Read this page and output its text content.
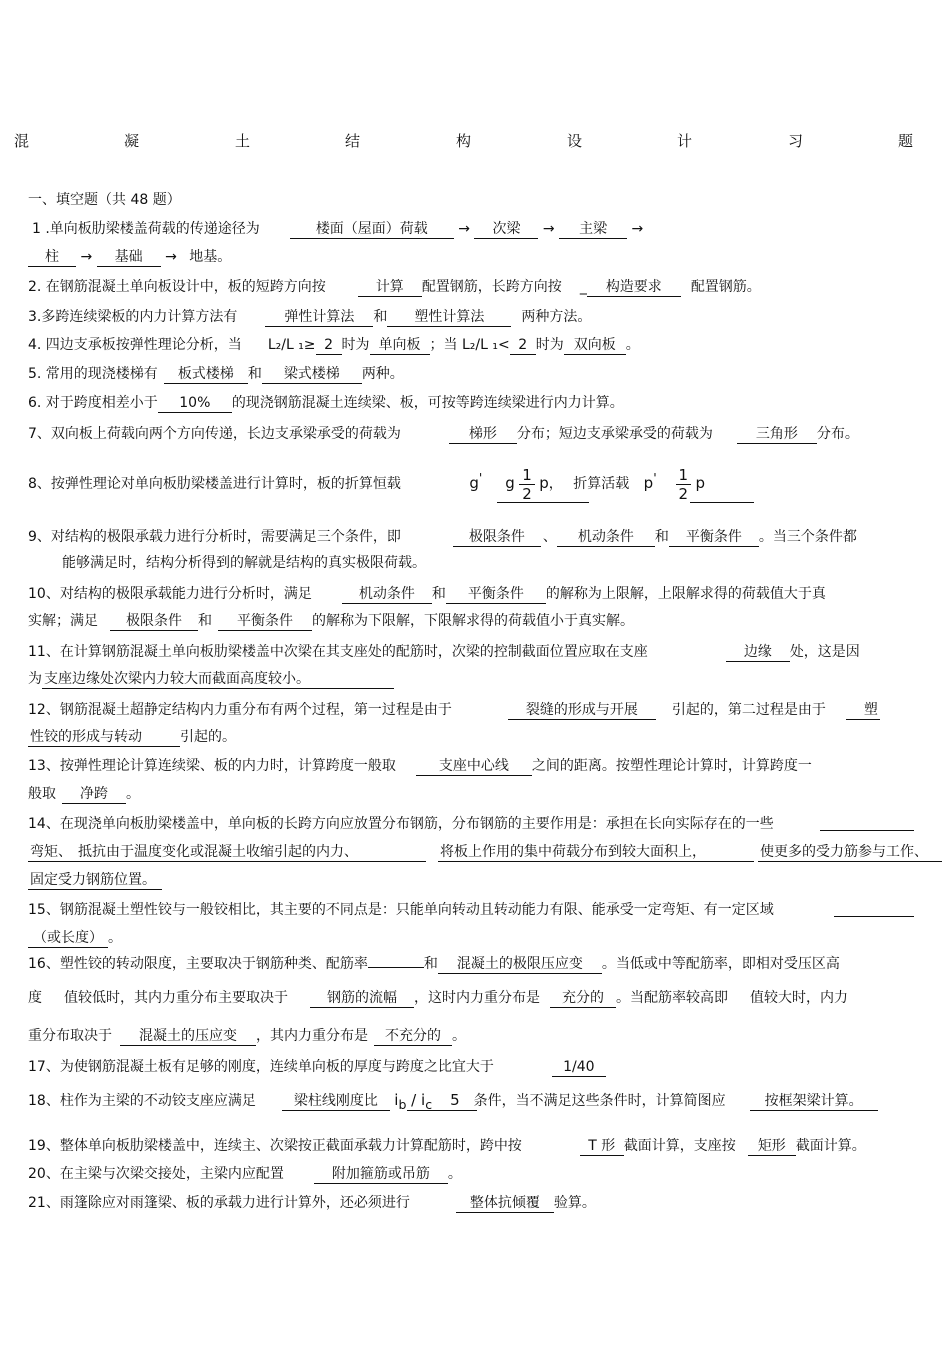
混	凝	土	结	构	设	计	习	题
一、填空题（共 48 题）
1 .单向板肋梁楼盖荷载的传递途径为	楼面（屋面）荷载 → 次梁 → 主梁 →
柱 → 基础 → 地基。
2. 在钢筋混凝土单向板设计中，板的短跨方向按	计算 配置钢筋，长跨方向按 _ 构造要求 配置钢筋。
3.多跨连续梁板的内力计算方法有	弹性计算法 和 塑性计算法	两种方法。
4. 四边支承板按弹性理论分析，当 L₂/L ₁≥ 2 时为 单向板 ；当 L₂/L ₁< 2 时为 双向板 。
5. 常用的现浇楼梯有 板式楼梯 和 梁式楼梯 两种。
6. 对于跨度相差小于 10% 的现浇钢筋混凝土连续梁、板，可按等跨连续梁进行内力计算。
7、双向板上荷载向两个方向传递，长边支承梁承受的荷载为	梯形 分布；短边支承梁承受的荷载为	三角形 分布。
8、按弹性理论对单向板肋梁楼盖进行计算时，板的折算恒载	g' g $\frac{1}{2}$ p， 折算活载 $p' \frac{1}{2}$ p
9、对结构的极限承载力进行分析时，需要满足三个条件，即	极限条件 、 机动条件 和 平衡条件 。当三个条件都
能够满足时，结构分析得到的解就是结构的真实极限荷载。
10、对结构的极限承载能力进行分析时，满足	机动条件 和 平衡条件 的解称为上限解，上限解求得的荷载值大于真
实解；满足 极限条件 和 平衡条件 的解称为下限解，下限解求得的荷载值小于真实解。
11、在计算钢筋混凝土单向板肋梁楼盖中次梁在其支座处的配筋时，次梁的控制截面位置应取在支座	边缘 处，这是因
为 支座边缘处次梁内力较大而截面高度较小。
12、钢筋混凝土超静定结构内力重分布有两个过程，第一过程是由于	裂缝的形成与开展 引起的，第二过程是由于	塑
性铰的形成与转动	引起的。
13、按弹性理论计算连续梁、板的内力时，计算跨度一般取	支座中心线 之间的距离。按塑性理论计算时，计算跨度一
般取 净跨 。
14、在现浇单向板肋梁楼盖中，单向板的长跨方向应放置分布钢筋，分布钢筋的主要作用是：承担在长向实际存在的一些
弯矩、 抵抗由于温度变化或混凝土收缩引起的内力、	将板上作用的集中荷载分布到较大面积上，	使更多的受力筋参与工作、
固定受力钢筋位置。
15、钢筋混凝土塑性铰与一般铰相比，其主要的不同点是：只能单向转动且转动能力有限、能承受一定弯矩、有一定区域
（或长度） 。
16、塑性铰的转动限度，主要取决于钢筋种类、配筋率	和 混凝土的极限压应变 。当低或中等配筋率，即相对受压区高
度 值较低时，其内力重分布主要取决于	钢筋的流幅 ，这时内力重分布是 充分的 。当配筋率较高即 值较大时，内力
重分布取决于 混凝土的压应变 ，其内力重分布是 不充分的 。
17、为使钢筋混凝土板有足够的刚度，连续单向板的厚度与跨度之比宜大于	1/40
18、柱作为主梁的不动铰支座应满足	梁柱线刚度比 $i_b / i_c$ 5 条件，当不满足这些条件时，计算简图应	按框架梁计算。
19、整体单向板肋梁楼盖中，连续主、次梁按正截面承载力计算配筋时，跨中按	T 形 截面计算，支座按 矩形 截面计算。
20、在主梁与次梁交接处，主梁内应配置	附加箍筋或吊筋 。
21、雨篷除应对雨篷梁、板的承载力进行计算外，还必须进行	整体抗倾覆 验算。
